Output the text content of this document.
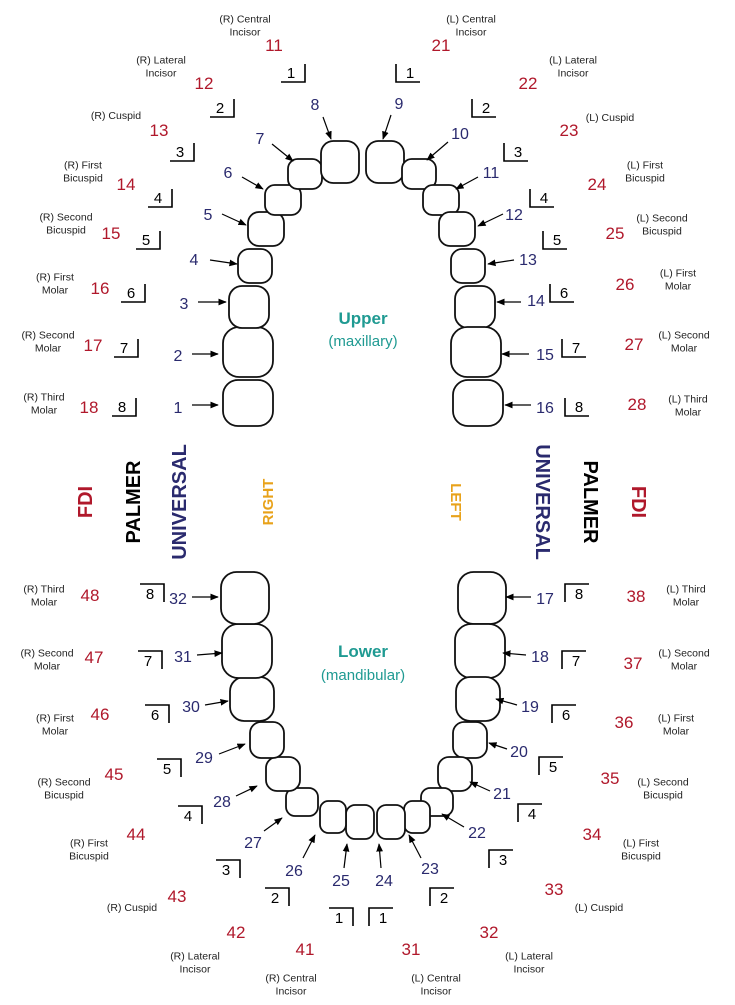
1
8
18
(R) Third
Molar
2
7
17
(R) Second
Molar
3
6
16
(R) First
Molar
4
5
15
(R) Second
Bicuspid
5
4
14
(R) First
Bicuspid	6
3
13
(R) Cuspid
7
2
12
(R) Lateral
Incisor
8
1
11
(R) Central
Incisor
9
1
21
(L) Central
Incisor
10
2
22
(L) Lateral
Incisor
11
3
23
(L) Cuspid
12
4
24
(L) First
Bicuspid
13
5	25
(L) Second
Bicuspid
14 6	26
(L) First
Molar
15 7	27 (L) Second
Molar
16 8	28 (L) Third
Molar
17 8	38 (L) Third
Molar
18 7	37
(L) Second
Molar
19 6	36 (L) First
Molar
20
5
35 (L) Second
Bicuspid
21
4
34 (L) First
Bicuspid
22
3
33
(L) Cuspid
23
2
32
(L) Lateral
Incisor
24
1
31
(L) Central
Incisor
25
1
41
(R) Central
Incisor
26
2
42
(R) Lateral
Incisor
27
3
43
(R) Cuspid
28
4
44
(R) First
Bicuspid
29
5
45
(R) Second
Bicuspid
30
6
46
(R) First
Molar
31
7
47
(R) Second
Molar
32
8
48
(R) Third
Molar
Upper
(maxillary)
Lower
(mandibular)
FDI PALMER UNIVERSAL	RIGHT	LEFT	UNIVERSAL PALMER FDI
